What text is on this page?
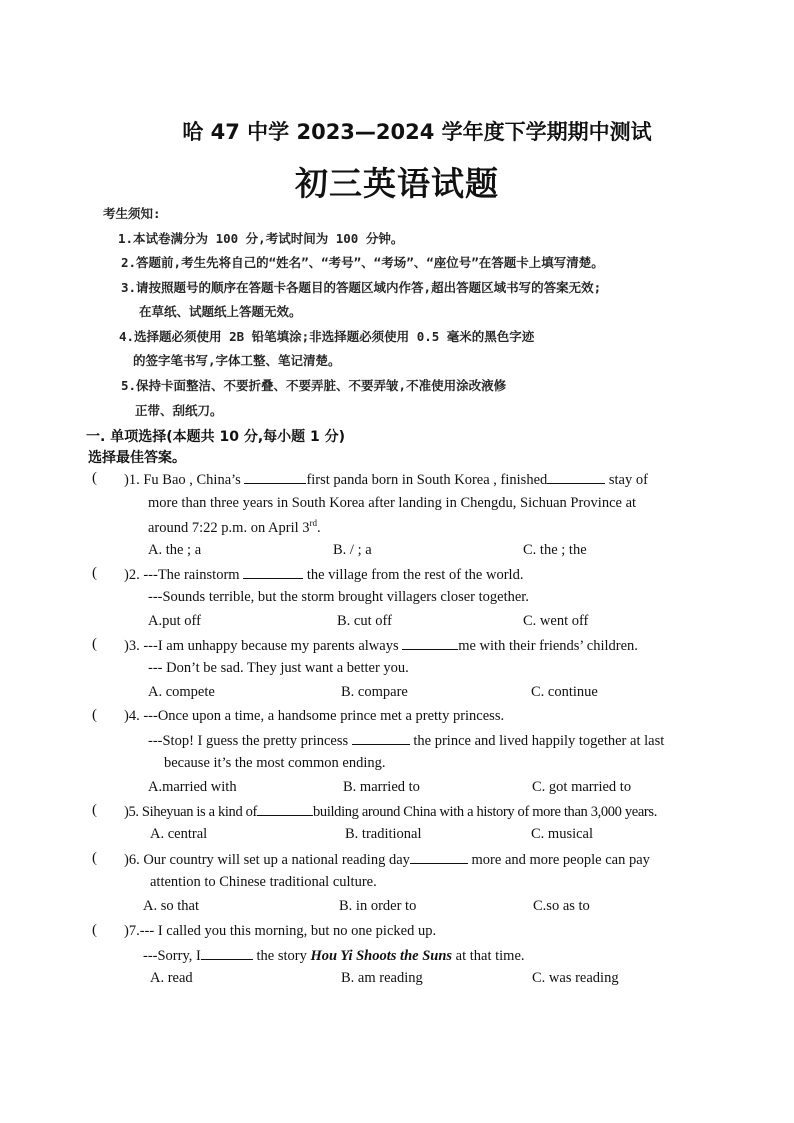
哈 47 中学 2023—2024 学年度下学期期中测试
初三英语试题
考生须知:
1.本试卷满分为 100 分,考试时间为 100 分钟。
2.答题前,考生先将自己的“姓名”、“考号”、“考场”、“座位号”在答题卡上填写清楚。
3.请按照题号的顺序在答题卡各题目的答题区域内作答,超出答题区域书写的答案无效;
在草纸、试题纸上答题无效。
4.选择题必须使用 2B 铅笔填涂;非选择题必须使用 0.5 毫米的黑色字迹
的签字笔书写,字体工整、笔记清楚。
5.保持卡面整洁、不要折叠、不要弄脏、不要弄皱,不准使用涂改液修
正带、刮纸刀。
一. 单项选择(本题共 10 分,每小题 1 分)
选择最佳答案。
( )1. Fu Bao , China’s	first panda born in South Korea , finished	stay of
more than three years in South Korea after landing in Chengdu, Sichuan Province at
around 7:22 p.m. on April 3rd.
A. the ; a	B. / ; a	C. the ; the
( )2. ---The rainstorm	the village from the rest of the world.
---Sounds terrible, but the storm brought villagers closer together.
A.put off	B. cut off	C. went off
( )3. ---I am unhappy because my parents always	me with their friends’ children.
--- Don’t be sad. They just want a better you.
A. compete	B. compare	C. continue
( )4. ---Once upon a time, a handsome prince met a pretty princess.
---Stop! I guess the pretty princess	the prince and lived happily together at last
because it’s the most common ending.
A.married with	B. married to	C. got married to
( )5. Siheyuan is a kind of	building around China with a history of more than 3,000 years.
A. central	B. traditional	C. musical
( )6. Our country will set up a national reading day	more and more people can pay
attention to Chinese traditional culture.
A. so that	B. in order to	C.so as to
( )7.--- I called you this morning, but no one picked up.
---Sorry, I	the story Hou Yi Shoots the Suns at that time.
A. read	B. am reading	C. was reading
